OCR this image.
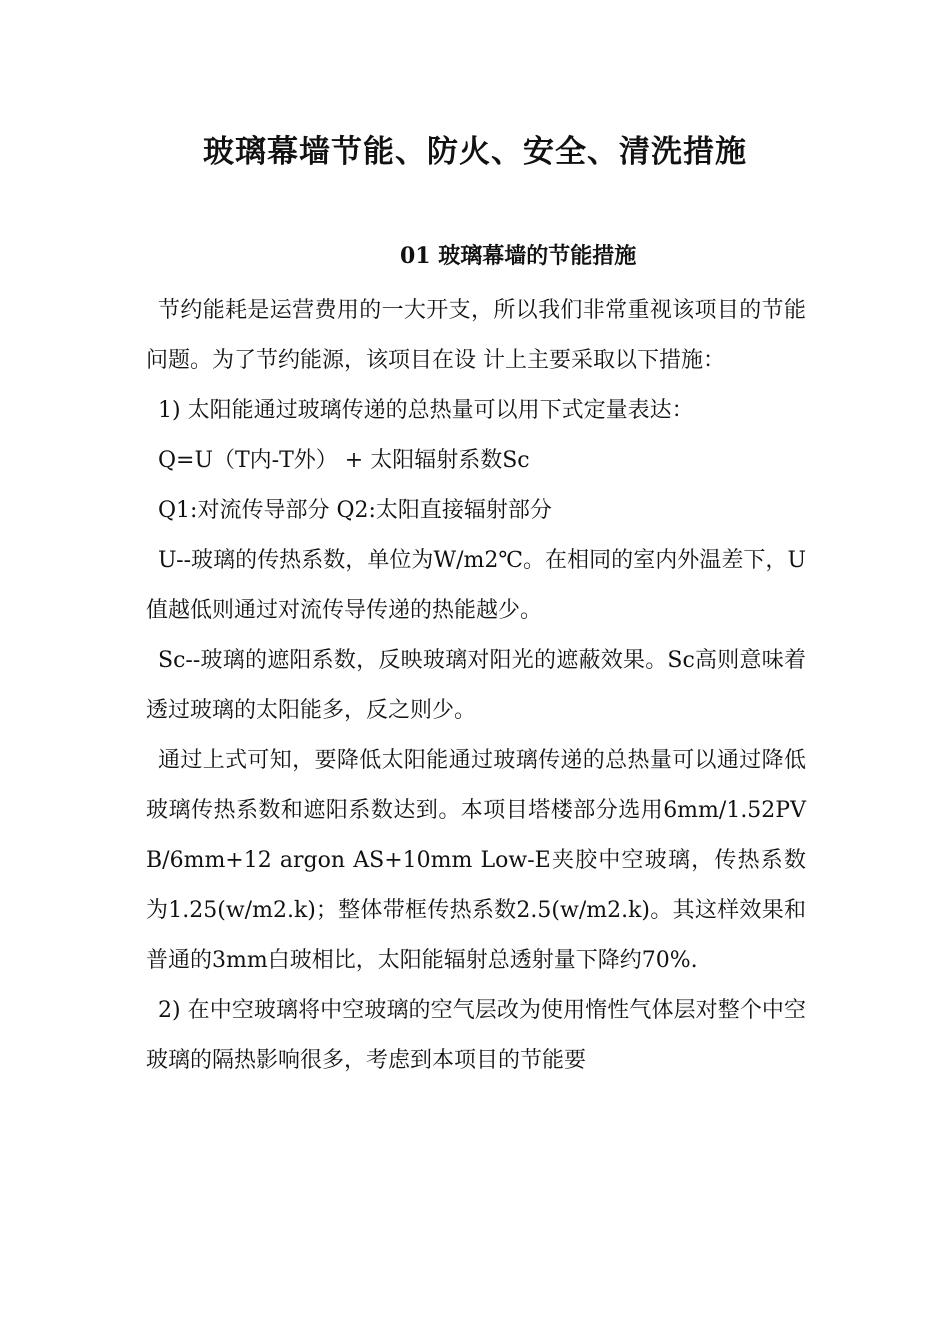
玻璃幕墙节能、防火、安全、清洗措施
01 玻璃幕墙的节能措施

节约能耗是运营费用的一大开支，所以我们非常重视该项目的节能问题。为了节约能源，该项目在设 计上主要采取以下措施：

1) 太阳能通过玻璃传递的总热量可以用下式定量表达：

Q=U（T内-T外） + 太阳辐射系数Sc

Q1:对流传导部分 Q2:太阳直接辐射部分

U--玻璃的传热系数，单位为W/m2℃。在相同的室内外温差下，U值越低则通过对流传导传递的热能越少。

Sc--玻璃的遮阳系数，反映玻璃对阳光的遮蔽效果。Sc高则意味着透过玻璃的太阳能多，反之则少。

通过上式可知，要降低太阳能通过玻璃传递的总热量可以通过降低玻璃传热系数和遮阳系数达到。本项目塔楼部分选用6mm/1.52PVB/6mm+12 argon AS+10mm Low-E夹胶中空玻璃，传热系数为1.25(w/m2.k)；整体带框传热系数2.5(w/m2.k)。其这样效果和普通的3mm白玻相比，太阳能辐射总透射量下降约70%.

2) 在中空玻璃将中空玻璃的空气层改为使用惰性气体层对整个中空玻璃的隔热影响很多，考虑到本项目的节能要
